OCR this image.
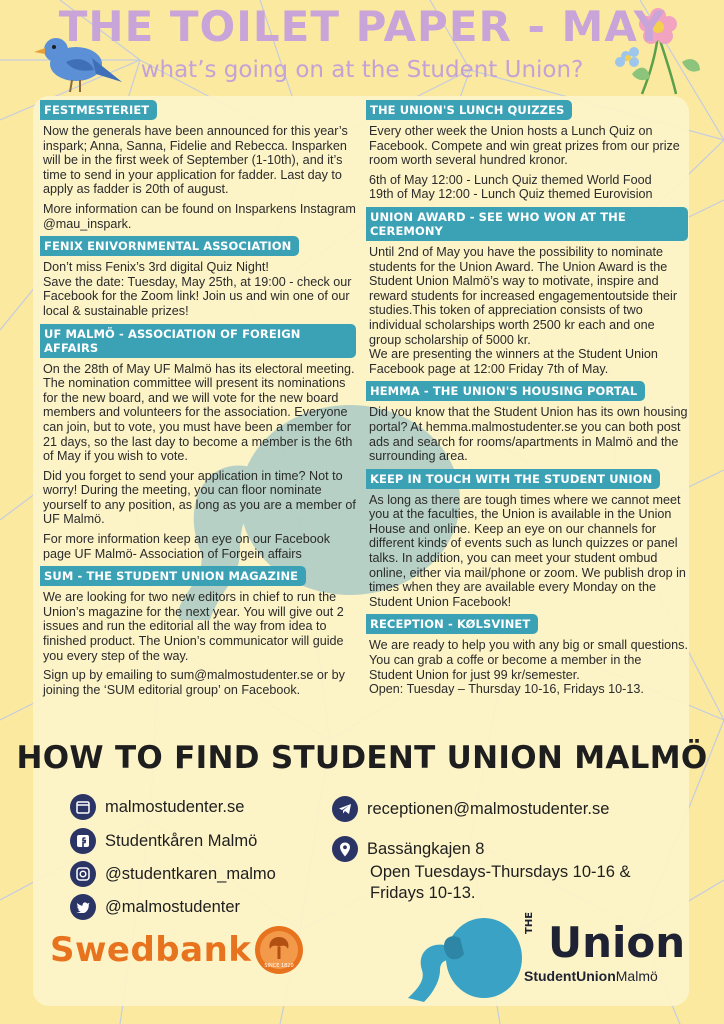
THE TOILET PAPER - MAY
what’s going on at the Student Union?
FESTMESTERIET

Now the generals have been announced for this year’s inspark; Anna, Sanna, Fidelie and Rebecca. Insparken will be in the first week of September (1-10th), and it’s time to send in your application for fadder. Last day to apply as fadder is 20th of august.

More information can be found on Insparkens Instagram @mau_inspark.

FENIX ENIVORNMENTAL ASSOCIATION

Don’t miss Fenix’s 3rd digital Quiz Night!
Save the date: Tuesday, May 25th, at 19:00 - check our Facebook for the Zoom link! Join us and win one of our local & sustainable prizes!

UF MALMÖ - ASSOCIATION OF FOREIGN AFFAIRS

On the 28th of May UF Malmö has its electoral meeting. The nomination committee will present its nominations for the new board, and we will vote for the new board members and volunteers for the association. Everyone can join, but to vote, you must have been a member for 21 days, so the last day to become a member is the 6th of May if you wish to vote.

Did you forget to send your application in time? Not to worry! During the meeting, you can floor nominate yourself to any position, as long as you are a member of UF Malmö.

For more information keep an eye on our Facebook page UF Malmö- Association of Forgein affairs

SUM - THE STUDENT UNION MAGAZINE

We are looking for two new editors in chief to run the Union’s magazine for the next year. You will give out 2 issues and run the editorial all the way from idea to finished product. The Union’s communicator will guide you every step of the way.

Sign up by emailing to sum@malmostudenter.se or by joining the ‘SUM editorial group’ on Facebook.

THE UNION'S LUNCH QUIZZES

Every other week the Union hosts a Lunch Quiz on Facebook. Compete and win great prizes from our prize room worth several hundred kronor.

6th of May 12:00 - Lunch Quiz themed World Food
19th of May 12:00 - Lunch Quiz themed Eurovision

UNION AWARD - SEE WHO WON AT THE CEREMONY

Until 2nd of May you have the possibility to nominate students for the Union Award. The Union Award is the Student Union Malmö’s way to motivate, inspire and reward students for increased engagementoutside their studies.This token of appreciation consists of two individual scholarships worth 2500 kr each and one group scholarship of 5000 kr.
We are presenting the winners at the Student Union Facebook page at 12:00 Friday 7th of May.

HEMMA - THE UNION'S HOUSING PORTAL

Did you know that the Student Union has its own housing portal? At hemma.malmostudenter.se you can both post ads and search for rooms/apartments in Malmö and the surrounding area.

KEEP IN TOUCH WITH THE STUDENT UNION

As long as there are tough times where we cannot meet you at the faculties, the Union is available in the Union House and online. Keep an eye on our channels for different kinds of events such as lunch quizzes or panel talks. In addition, you can meet your student ombud online, either via mail/phone or zoom. We publish drop in times when they are available every Monday on the Student Union Facebook!

RECEPTION - KØLSVINET

We are ready to help you with any big or small questions. You can grab a coffe or become a member in the Student Union for just 99 kr/semester.
Open: Tuesday – Thursday 10-16, Fridays 10-13.

HOW TO FIND STUDENT UNION MALMÖ
malmostudenter.se
Studentkåren Malmö
@studentkaren_malmo
@malmostudenter
receptionen@malmostudenter.se
Bassängkajen 8
Open Tuesdays-Thursdays 10-16 &
Fridays 10-13.
Swedbank	SINCE 1820
THE Union
StudentUnionMalmö
